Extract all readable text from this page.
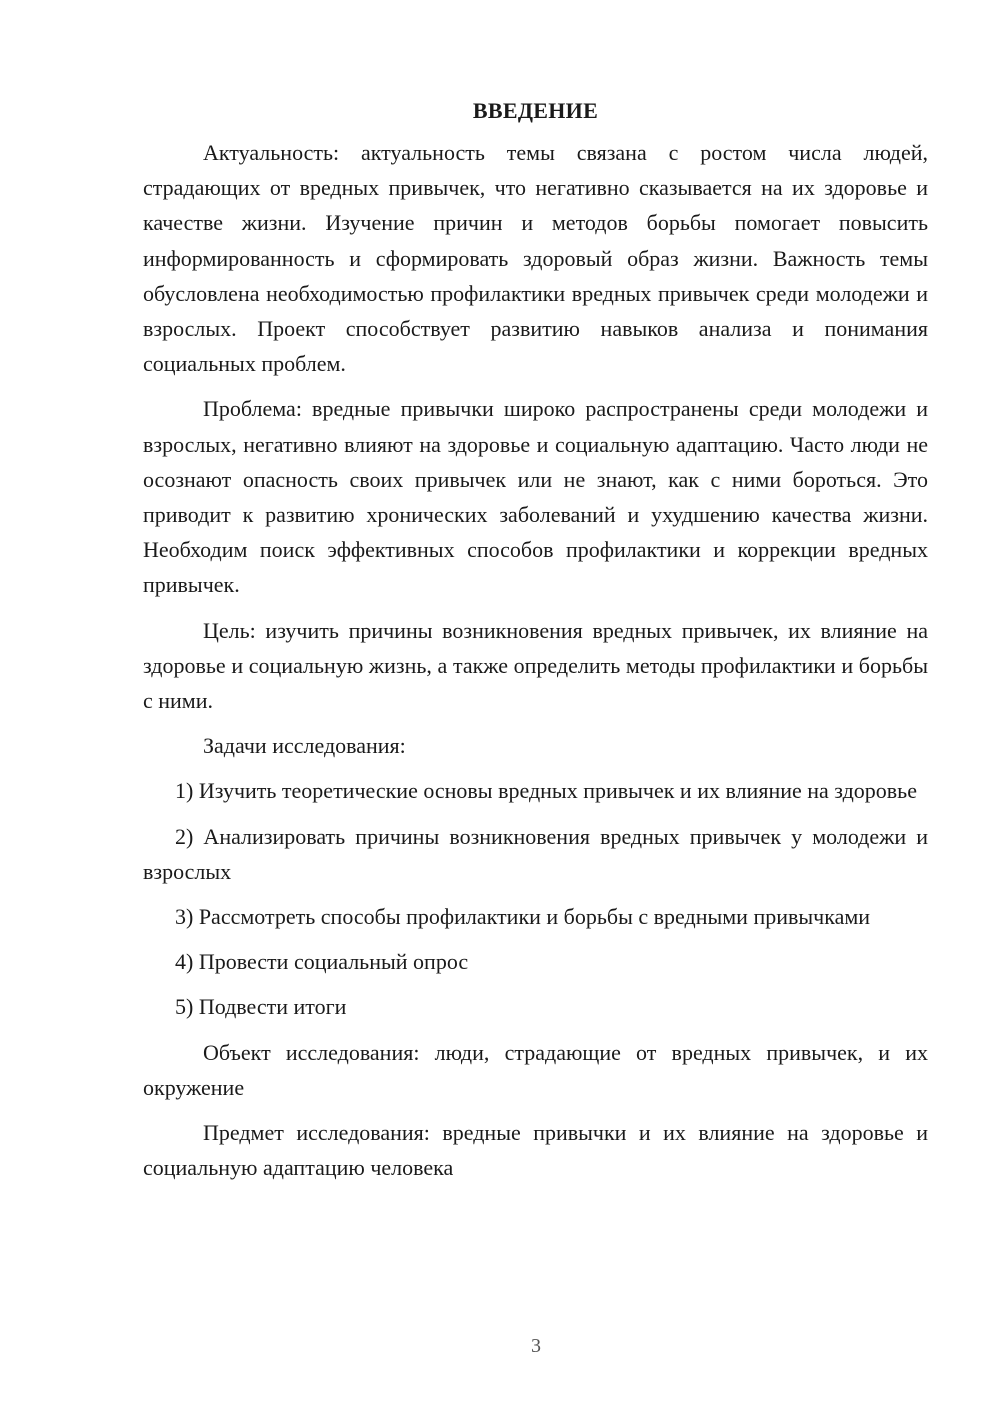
ВВЕДЕНИЕ

Актуальность: актуальность темы связана с ростом числа людей, страдающих от вредных привычек, что негативно сказывается на их здоровье и качестве жизни. Изучение причин и методов борьбы помогает повысить информированность и сформировать здоровый образ жизни. Важность темы обусловлена необходимостью профилактики вредных привычек среди молодежи и взрослых. Проект способствует развитию навыков анализа и понимания социальных проблем.

Проблема: вредные привычки широко распространены среди молодежи и взрослых, негативно влияют на здоровье и социальную адаптацию. Часто люди не осознают опасность своих привычек или не знают, как с ними бороться. Это приводит к развитию хронических заболеваний и ухудшению качества жизни. Необходим поиск эффективных способов профилактики и коррекции вредных привычек.

Цель: изучить причины возникновения вредных привычек, их влияние на здоровье и социальную жизнь, а также определить методы профилактики и борьбы с ними.

Задачи исследования:

1) Изучить теоретические основы вредных привычек и их влияние на здоровье

2) Анализировать причины возникновения вредных привычек у молодежи и взрослых

3) Рассмотреть способы профилактики и борьбы с вредными привычками

4) Провести социальный опрос

5) Подвести итоги

Объект исследования: люди, страдающие от вредных привычек, и их окружение

Предмет исследования: вредные привычки и их влияние на здоровье и социальную адаптацию человека

3
